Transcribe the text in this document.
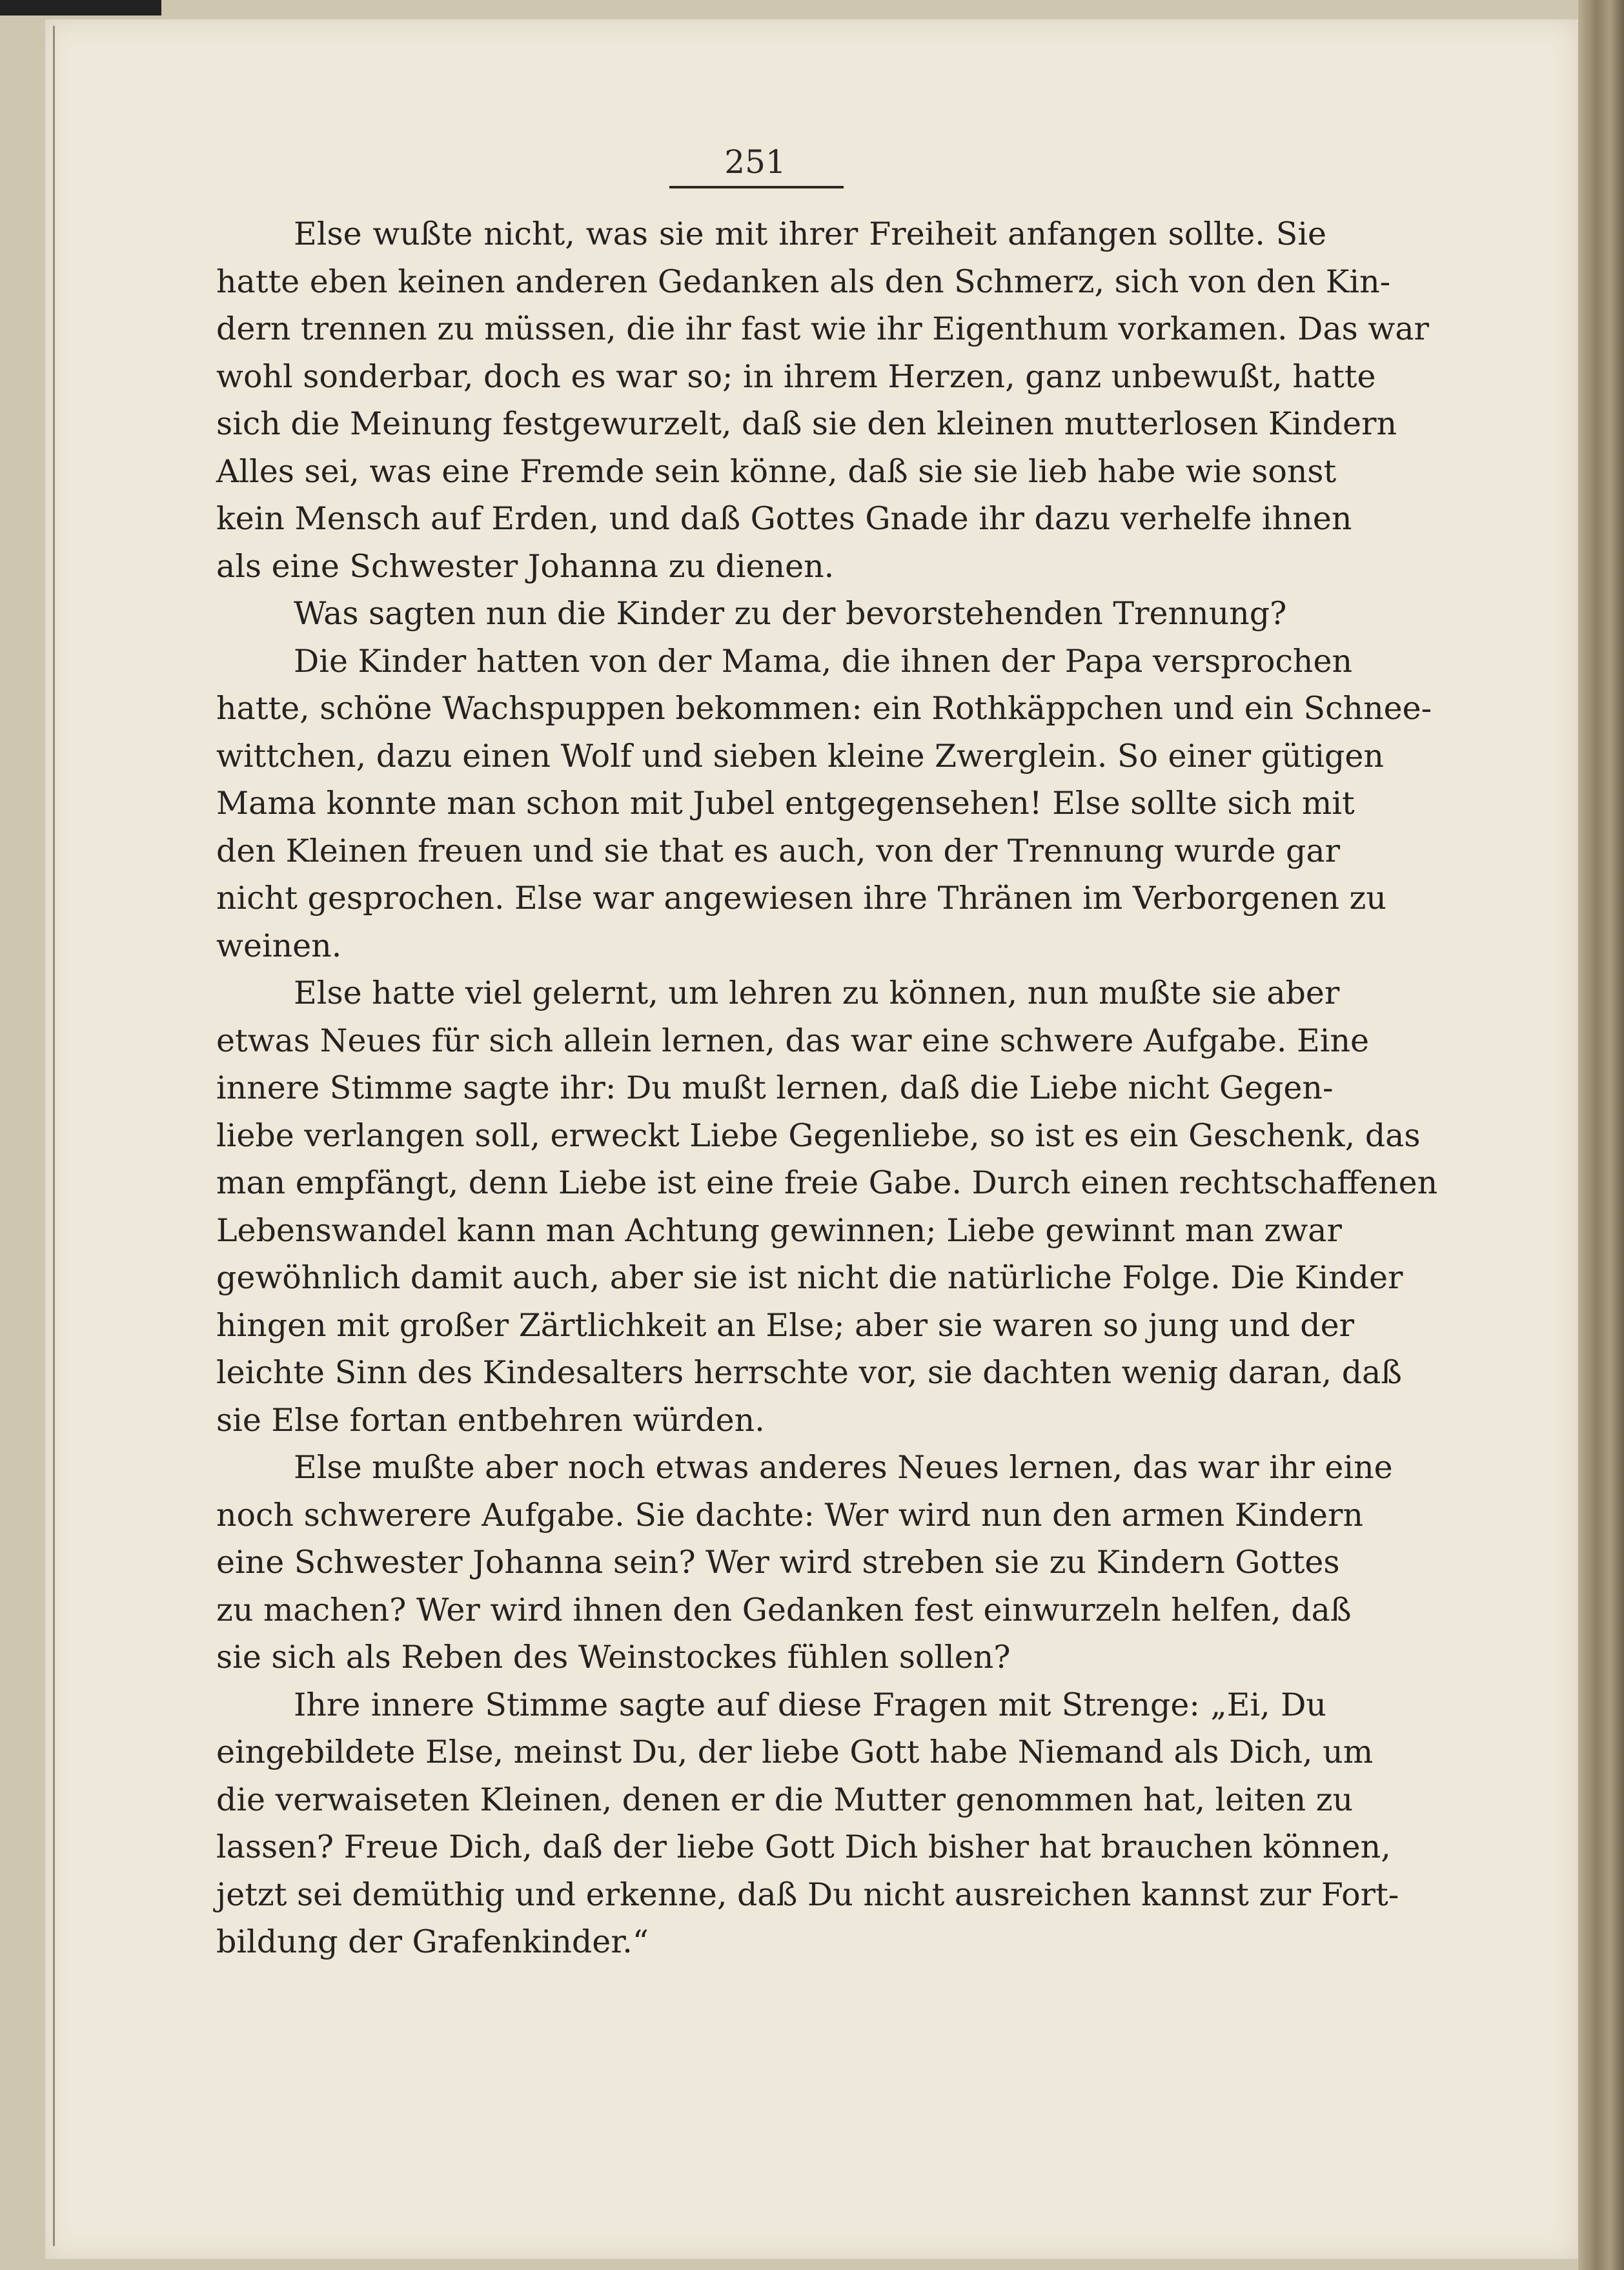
251
Else wußte nicht, was sie mit ihrer Freiheit anfangen sollte. Sie
hatte eben keinen anderen Gedanken als den Schmerz, sich von den Kin-
dern trennen zu müssen, die ihr fast wie ihr Eigenthum vorkamen. Das war
wohl sonderbar, doch es war so; in ihrem Herzen, ganz unbewußt, hatte
sich die Meinung festgewurzelt, daß sie den kleinen mutterlosen Kindern
Alles sei, was eine Fremde sein könne, daß sie sie lieb habe wie sonst
kein Mensch auf Erden, und daß Gottes Gnade ihr dazu verhelfe ihnen
als eine Schwester Johanna zu dienen.
Was sagten nun die Kinder zu der bevorstehenden Trennung?
Die Kinder hatten von der Mama, die ihnen der Papa versprochen
hatte, schöne Wachspuppen bekommen: ein Rothkäppchen und ein Schnee-
wittchen, dazu einen Wolf und sieben kleine Zwerglein. So einer gütigen
Mama konnte man schon mit Jubel entgegensehen! Else sollte sich mit
den Kleinen freuen und sie that es auch, von der Trennung wurde gar
nicht gesprochen. Else war angewiesen ihre Thränen im Verborgenen zu
weinen.
Else hatte viel gelernt, um lehren zu können, nun mußte sie aber
etwas Neues für sich allein lernen, das war eine schwere Aufgabe. Eine
innere Stimme sagte ihr: Du mußt lernen, daß die Liebe nicht Gegen-
liebe verlangen soll, erweckt Liebe Gegenliebe, so ist es ein Geschenk, das
man empfängt, denn Liebe ist eine freie Gabe. Durch einen rechtschaffenen
Lebenswandel kann man Achtung gewinnen; Liebe gewinnt man zwar
gewöhnlich damit auch, aber sie ist nicht die natürliche Folge. Die Kinder
hingen mit großer Zärtlichkeit an Else; aber sie waren so jung und der
leichte Sinn des Kindesalters herrschte vor, sie dachten wenig daran, daß
sie Else fortan entbehren würden.
Else mußte aber noch etwas anderes Neues lernen, das war ihr eine
noch schwerere Aufgabe. Sie dachte: Wer wird nun den armen Kindern
eine Schwester Johanna sein? Wer wird streben sie zu Kindern Gottes
zu machen? Wer wird ihnen den Gedanken fest einwurzeln helfen, daß
sie sich als Reben des Weinstockes fühlen sollen?
Ihre innere Stimme sagte auf diese Fragen mit Strenge: „Ei, Du
eingebildete Else, meinst Du, der liebe Gott habe Niemand als Dich, um
die verwaiseten Kleinen, denen er die Mutter genommen hat, leiten zu
lassen? Freue Dich, daß der liebe Gott Dich bisher hat brauchen können,
jetzt sei demüthig und erkenne, daß Du nicht ausreichen kannst zur Fort-
bildung der Grafenkinder.“
